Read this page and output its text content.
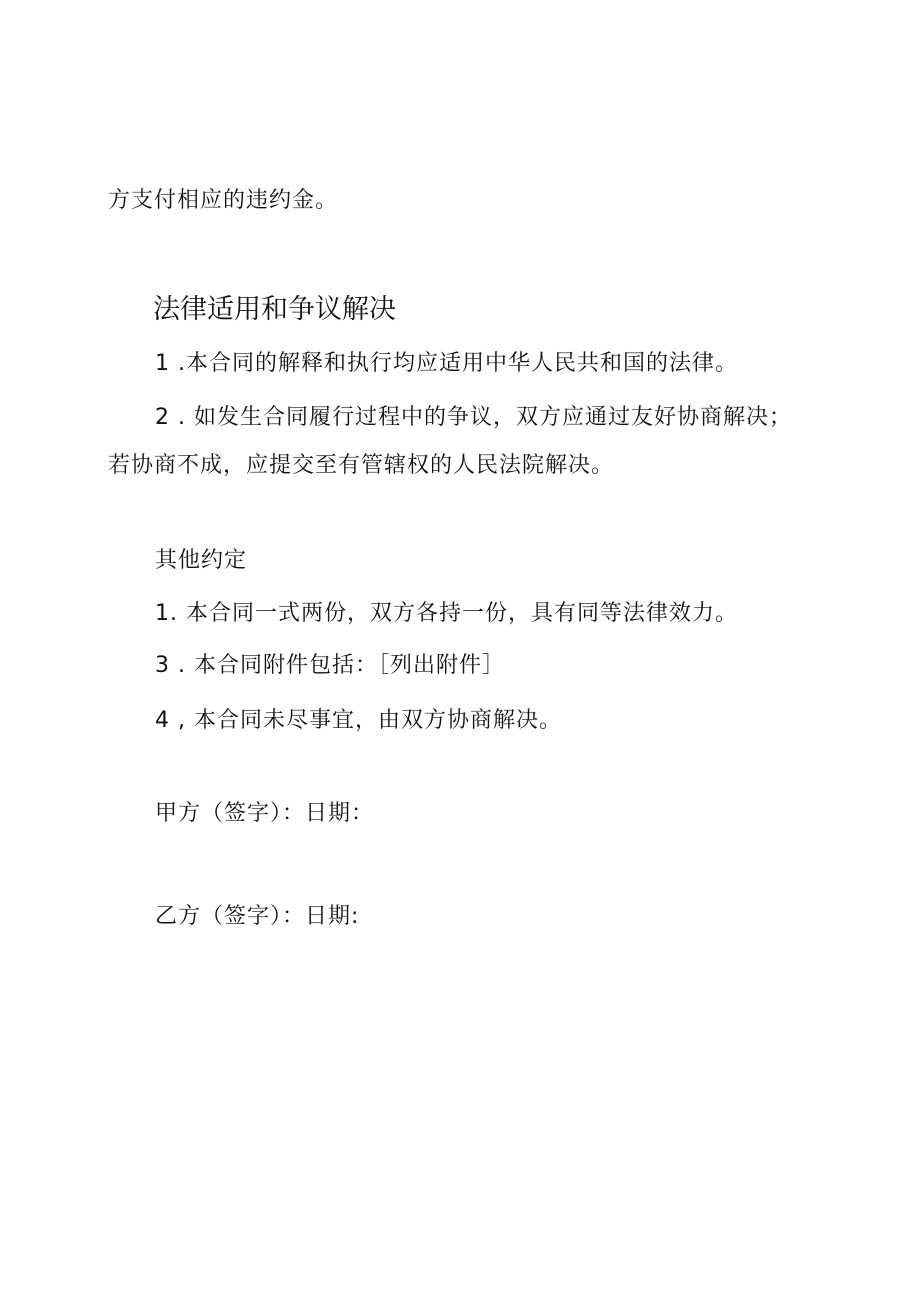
方支付相应的违约金。
法律适用和争议解决
1 .本合同的解释和执行均应适用中华人民共和国的法律。
2 . 如发生合同履行过程中的争议，双方应通过友好协商解决；
若协商不成，应提交至有管辖权的人民法院解决。
其他约定
1. 本合同一式两份，双方各持一份，具有同等法律效力。
3 . 本合同附件包括：［列出附件］
4 , 本合同未尽事宜，由双方协商解决。
甲方（签字）：日期：
乙方（签字）：日期:
